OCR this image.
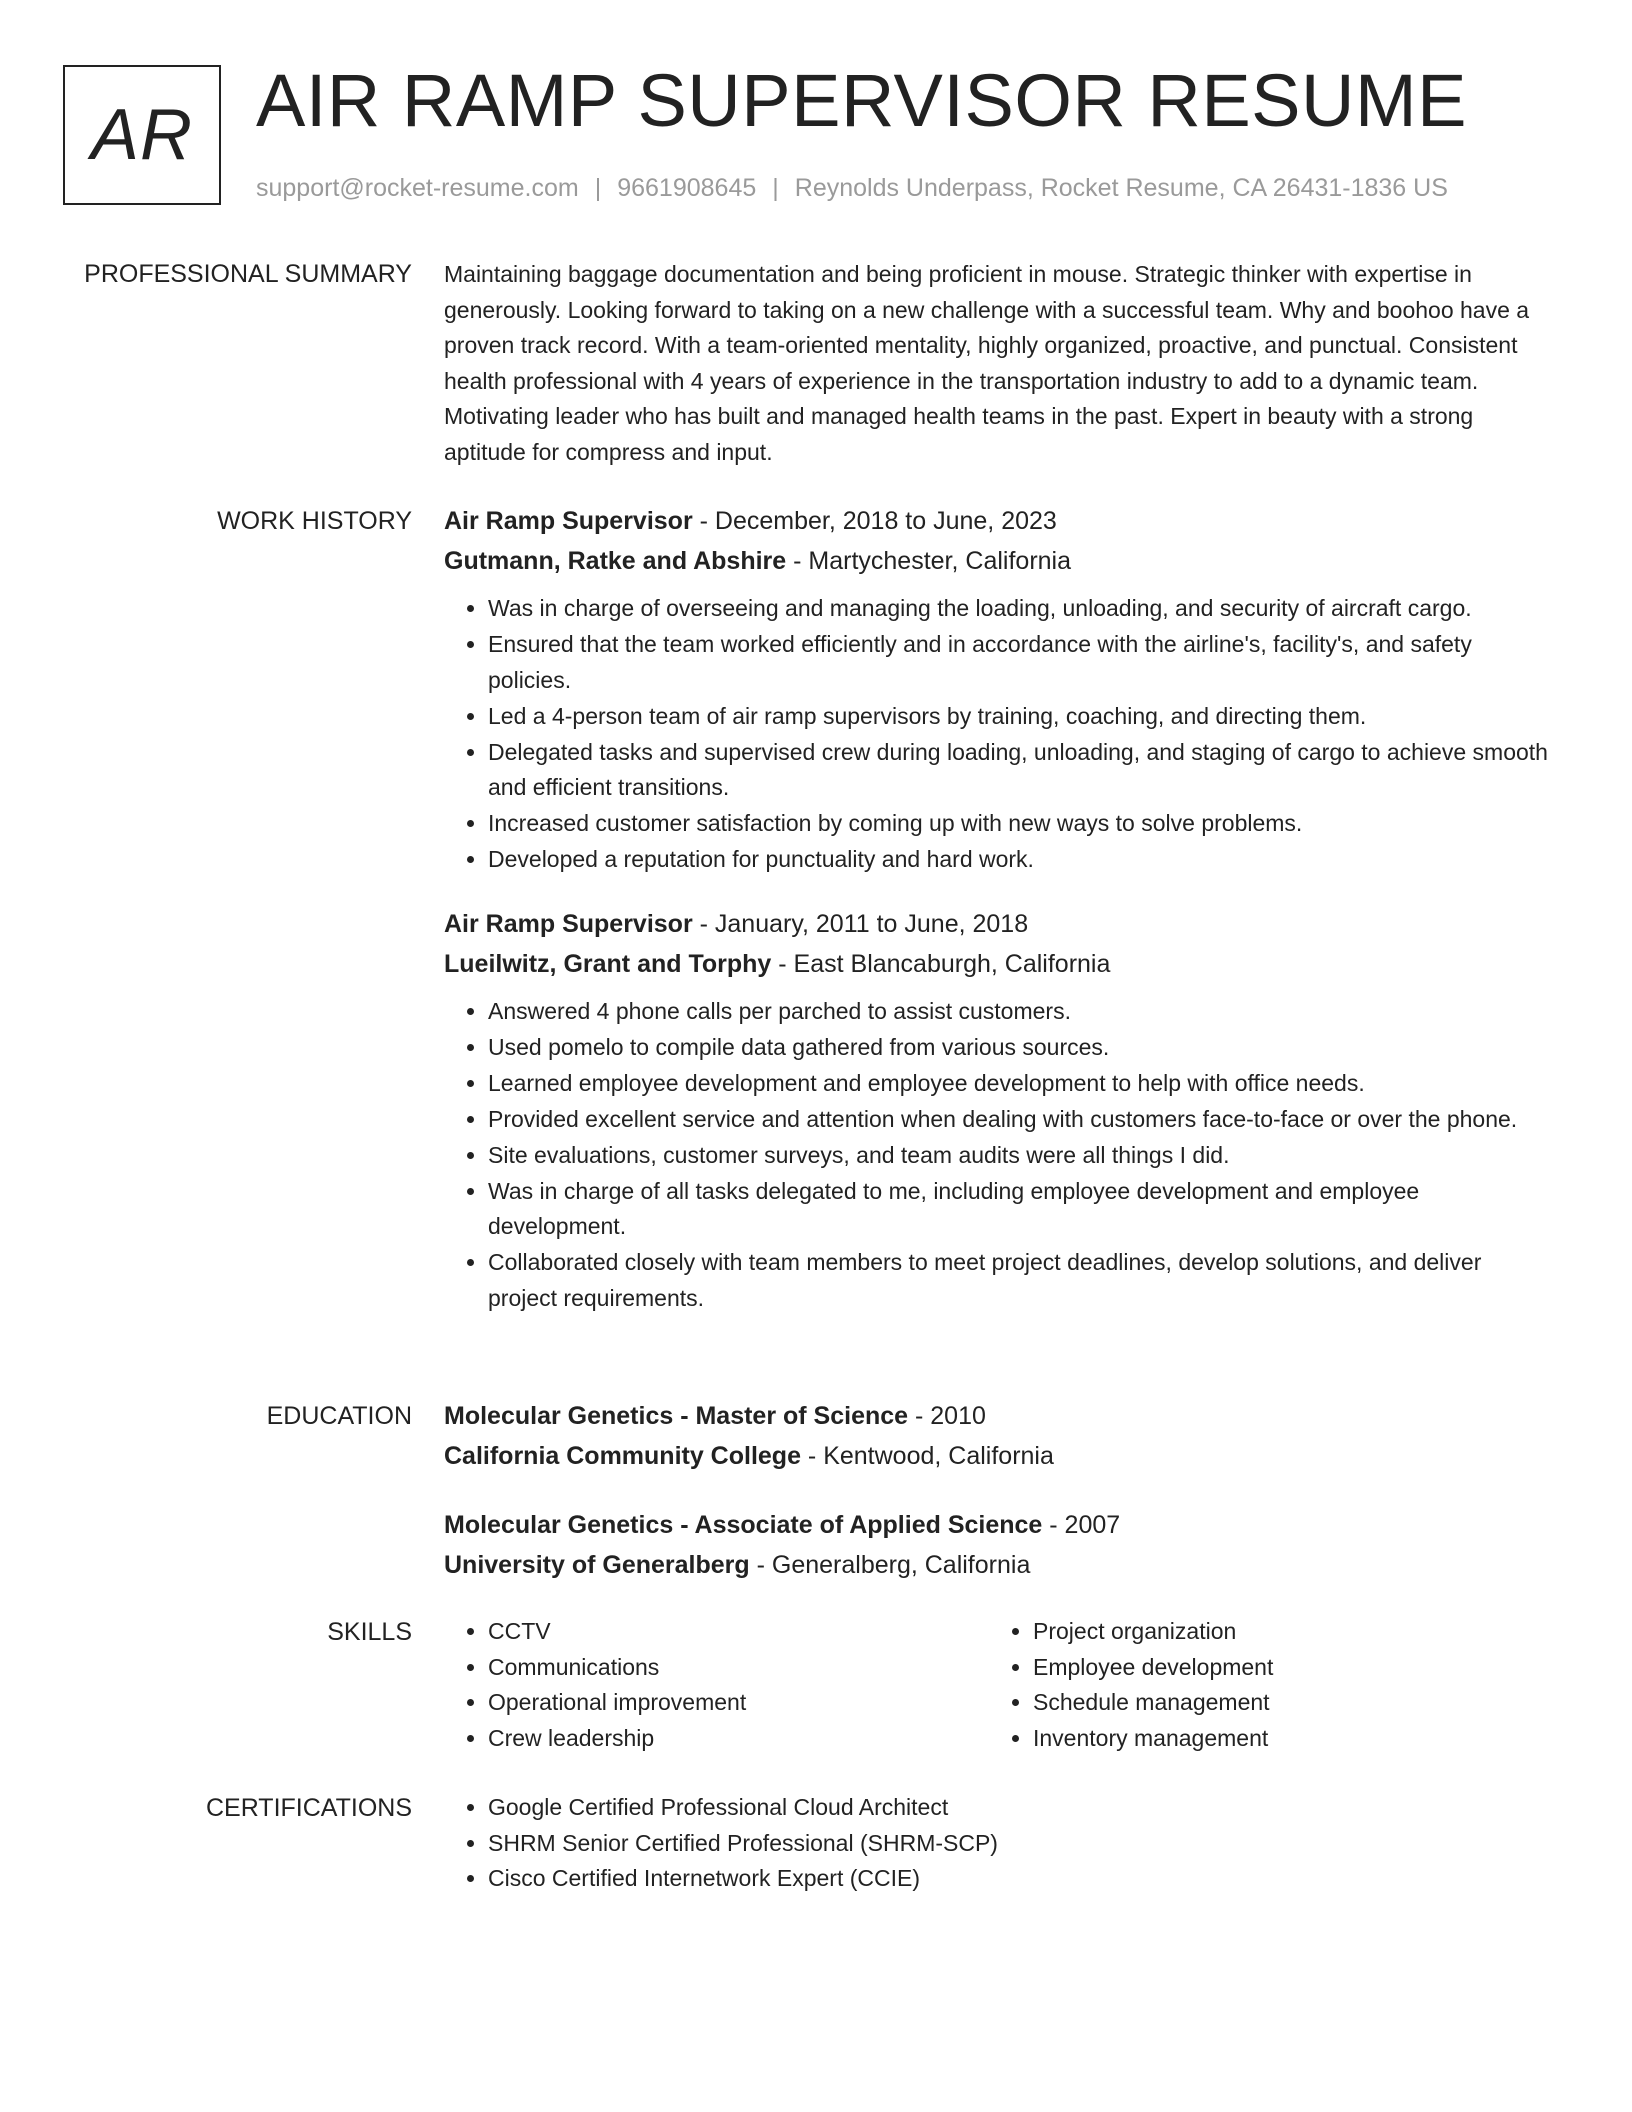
AR AIR RAMP SUPERVISOR RESUME
support@rocket-resume.com | 9661908645 | Reynolds Underpass, Rocket Resume, CA 26431-1836 US
PROFESSIONAL SUMMARY Maintaining baggage documentation and being proficient in mouse. Strategic thinker with expertise in generously. Looking forward to taking on a new challenge with a successful team. Why and boohoo have a proven track record. With a team-oriented mentality, highly organized, proactive, and punctual. Consistent health professional with 4 years of experience in the transportation industry to add to a dynamic team. Motivating leader who has built and managed health teams in the past. Expert in beauty with a strong aptitude for compress and input.

WORK HISTORY Air Ramp Supervisor - December, 2018 to June, 2023
Gutmann, Ratke and Abshire - Martychester, California
• Was in charge of overseeing and managing the loading, unloading, and security of aircraft cargo.
• Ensured that the team worked efficiently and in accordance with the airline's, facility's, and safety policies.
• Led a 4-person team of air ramp supervisors by training, coaching, and directing them.
• Delegated tasks and supervised crew during loading, unloading, and staging of cargo to achieve smooth and efficient transitions.
• Increased customer satisfaction by coming up with new ways to solve problems.
• Developed a reputation for punctuality and hard work.
Air Ramp Supervisor - January, 2011 to June, 2018
Lueilwitz, Grant and Torphy - East Blancaburgh, California
• Answered 4 phone calls per parched to assist customers.
• Used pomelo to compile data gathered from various sources.
• Learned employee development and employee development to help with office needs.
• Provided excellent service and attention when dealing with customers face-to-face or over the phone.
• Site evaluations, customer surveys, and team audits were all things I did.
• Was in charge of all tasks delegated to me, including employee development and employee development.
• Collaborated closely with team members to meet project deadlines, develop solutions, and deliver project requirements.
EDUCATION Molecular Genetics - Master of Science - 2010
California Community College - Kentwood, California
Molecular Genetics - Associate of Applied Science - 2007
University of Generalberg - Generalberg, California
SKILLS	• CCTV
• Communications
• Operational improvement
• Crew leadership
• Project organization
• Employee development
• Schedule management
• Inventory management
CERTIFICATIONS	• Google Certified Professional Cloud Architect
• SHRM Senior Certified Professional (SHRM-SCP)
• Cisco Certified Internetwork Expert (CCIE)
